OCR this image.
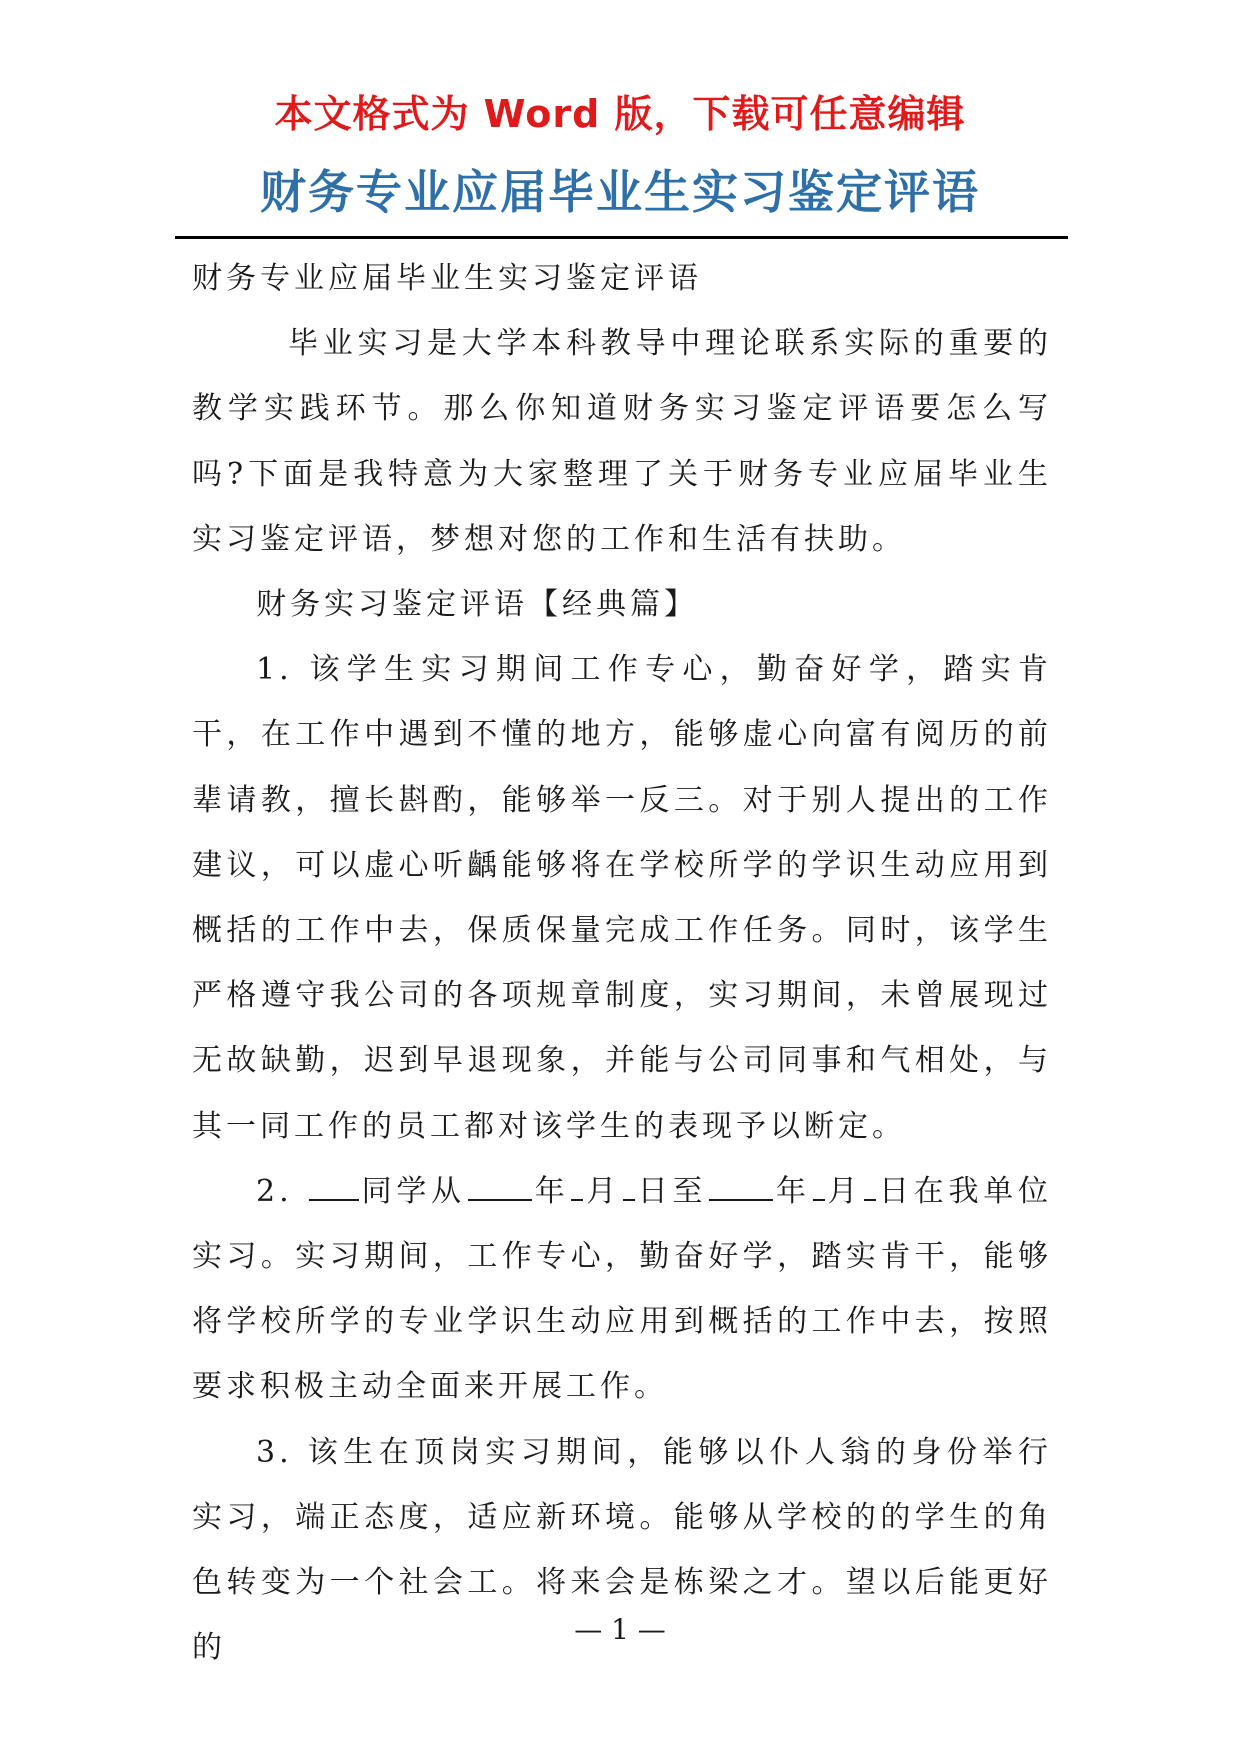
本文格式为 Word 版，下载可任意编辑
财务专业应届毕业生实习鉴定评语

财务专业应届毕业生实习鉴定评语

毕业实习是大学本科教导中理论联系实际的重要的教学实践环节。那么你知道财务实习鉴定评语要怎么写吗?下面是我特意为大家整理了关于财务专业应届毕业生实习鉴定评语，梦想对您的工作和生活有扶助。

财务实习鉴定评语【经典篇】

1. 该学生实习期间工作专心，勤奋好学，踏实肯干，在工作中遇到不懂的地方，能够虚心向富有阅历的前辈请教，擅长斟酌，能够举一反三。对于别人提出的工作建议，可以虚心听齲能够将在学校所学的学识生动应用到概括的工作中去，保质保量完成工作任务。同时，该学生严格遵守我公司的各项规章制度，实习期间，未曾展现过无故缺勤，迟到早退现象，并能与公司同事和气相处，与其一同工作的员工都对该学生的表现予以断定。

2. 同学从 年 月 日至 年 月 日在我单位实习。实习期间，工作专心，勤奋好学，踏实肯干，能够将学校所学的专业学识生动应用到概括的工作中去，按照要求积极主动全面来开展工作。

3. 该生在顶岗实习期间，能够以仆人翁的身份举行实习，端正态度，适应新环境。能够从学校的的学生的角色转变为一个社会工。将来会是栋梁之才。望以后能更好的

— 1 —
